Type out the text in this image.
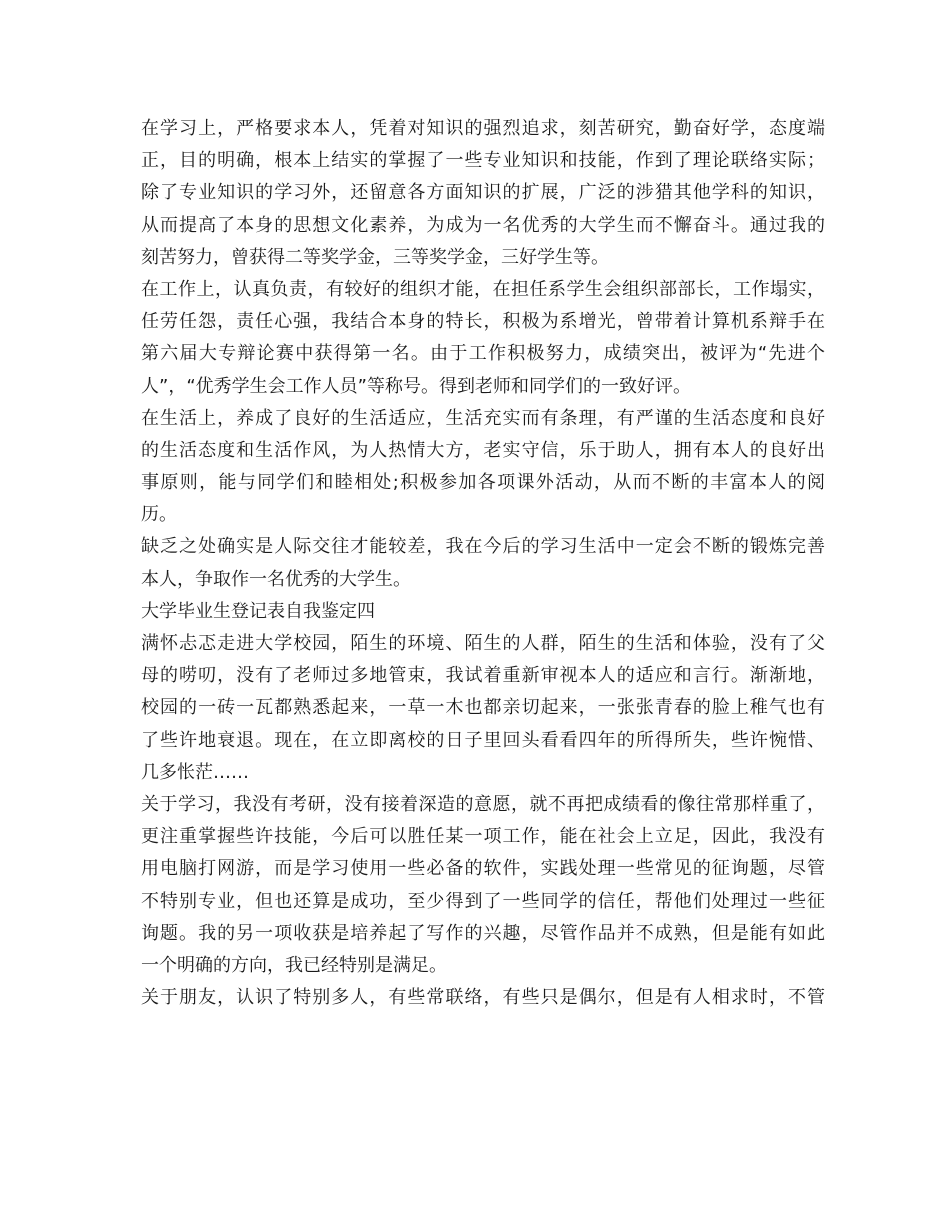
在学习上，严格要求本人，凭着对知识的强烈追求，刻苦研究，勤奋好学，态度端
正，目的明确，根本上结实的掌握了一些专业知识和技能，作到了理论联络实际；
除了专业知识的学习外，还留意各方面知识的扩展，广泛的涉猎其他学科的知识，
从而提高了本身的思想文化素养，为成为一名优秀的大学生而不懈奋斗。通过我的
刻苦努力，曾获得二等奖学金，三等奖学金，三好学生等。
在工作上，认真负责，有较好的组织才能，在担任系学生会组织部部长，工作塌实，
任劳任怨，责任心强，我结合本身的特长，积极为系增光，曾带着计算机系辩手在
第六届大专辩论赛中获得第一名。由于工作积极努力，成绩突出，被评为“先进个
人”，“优秀学生会工作人员”等称号。得到老师和同学们的一致好评。
在生活上，养成了良好的生活适应，生活充实而有条理，有严谨的生活态度和良好
的生活态度和生活作风，为人热情大方，老实守信，乐于助人，拥有本人的良好出
事原则，能与同学们和睦相处;积极参加各项课外活动，从而不断的丰富本人的阅
历。
缺乏之处确实是人际交往才能较差，我在今后的学习生活中一定会不断的锻炼完善
本人，争取作一名优秀的大学生。
大学毕业生登记表自我鉴定四
满怀忐忑走进大学校园，陌生的环境、陌生的人群，陌生的生活和体验，没有了父
母的唠叨，没有了老师过多地管束，我试着重新审视本人的适应和言行。渐渐地，
校园的一砖一瓦都熟悉起来，一草一木也都亲切起来，一张张青春的脸上稚气也有
了些许地衰退。现在，在立即离校的日子里回头看看四年的所得所失，些许惋惜、
几多怅茫……
关于学习，我没有考研，没有接着深造的意愿，就不再把成绩看的像往常那样重了，
更注重掌握些许技能，今后可以胜任某一项工作，能在社会上立足，因此，我没有
用电脑打网游，而是学习使用一些必备的软件，实践处理一些常见的征询题，尽管
不特别专业，但也还算是成功，至少得到了一些同学的信任，帮他们处理过一些征
询题。我的另一项收获是培养起了写作的兴趣，尽管作品并不成熟，但是能有如此
一个明确的方向，我已经特别是满足。
关于朋友，认识了特别多人，有些常联络，有些只是偶尔，但是有人相求时，不管
